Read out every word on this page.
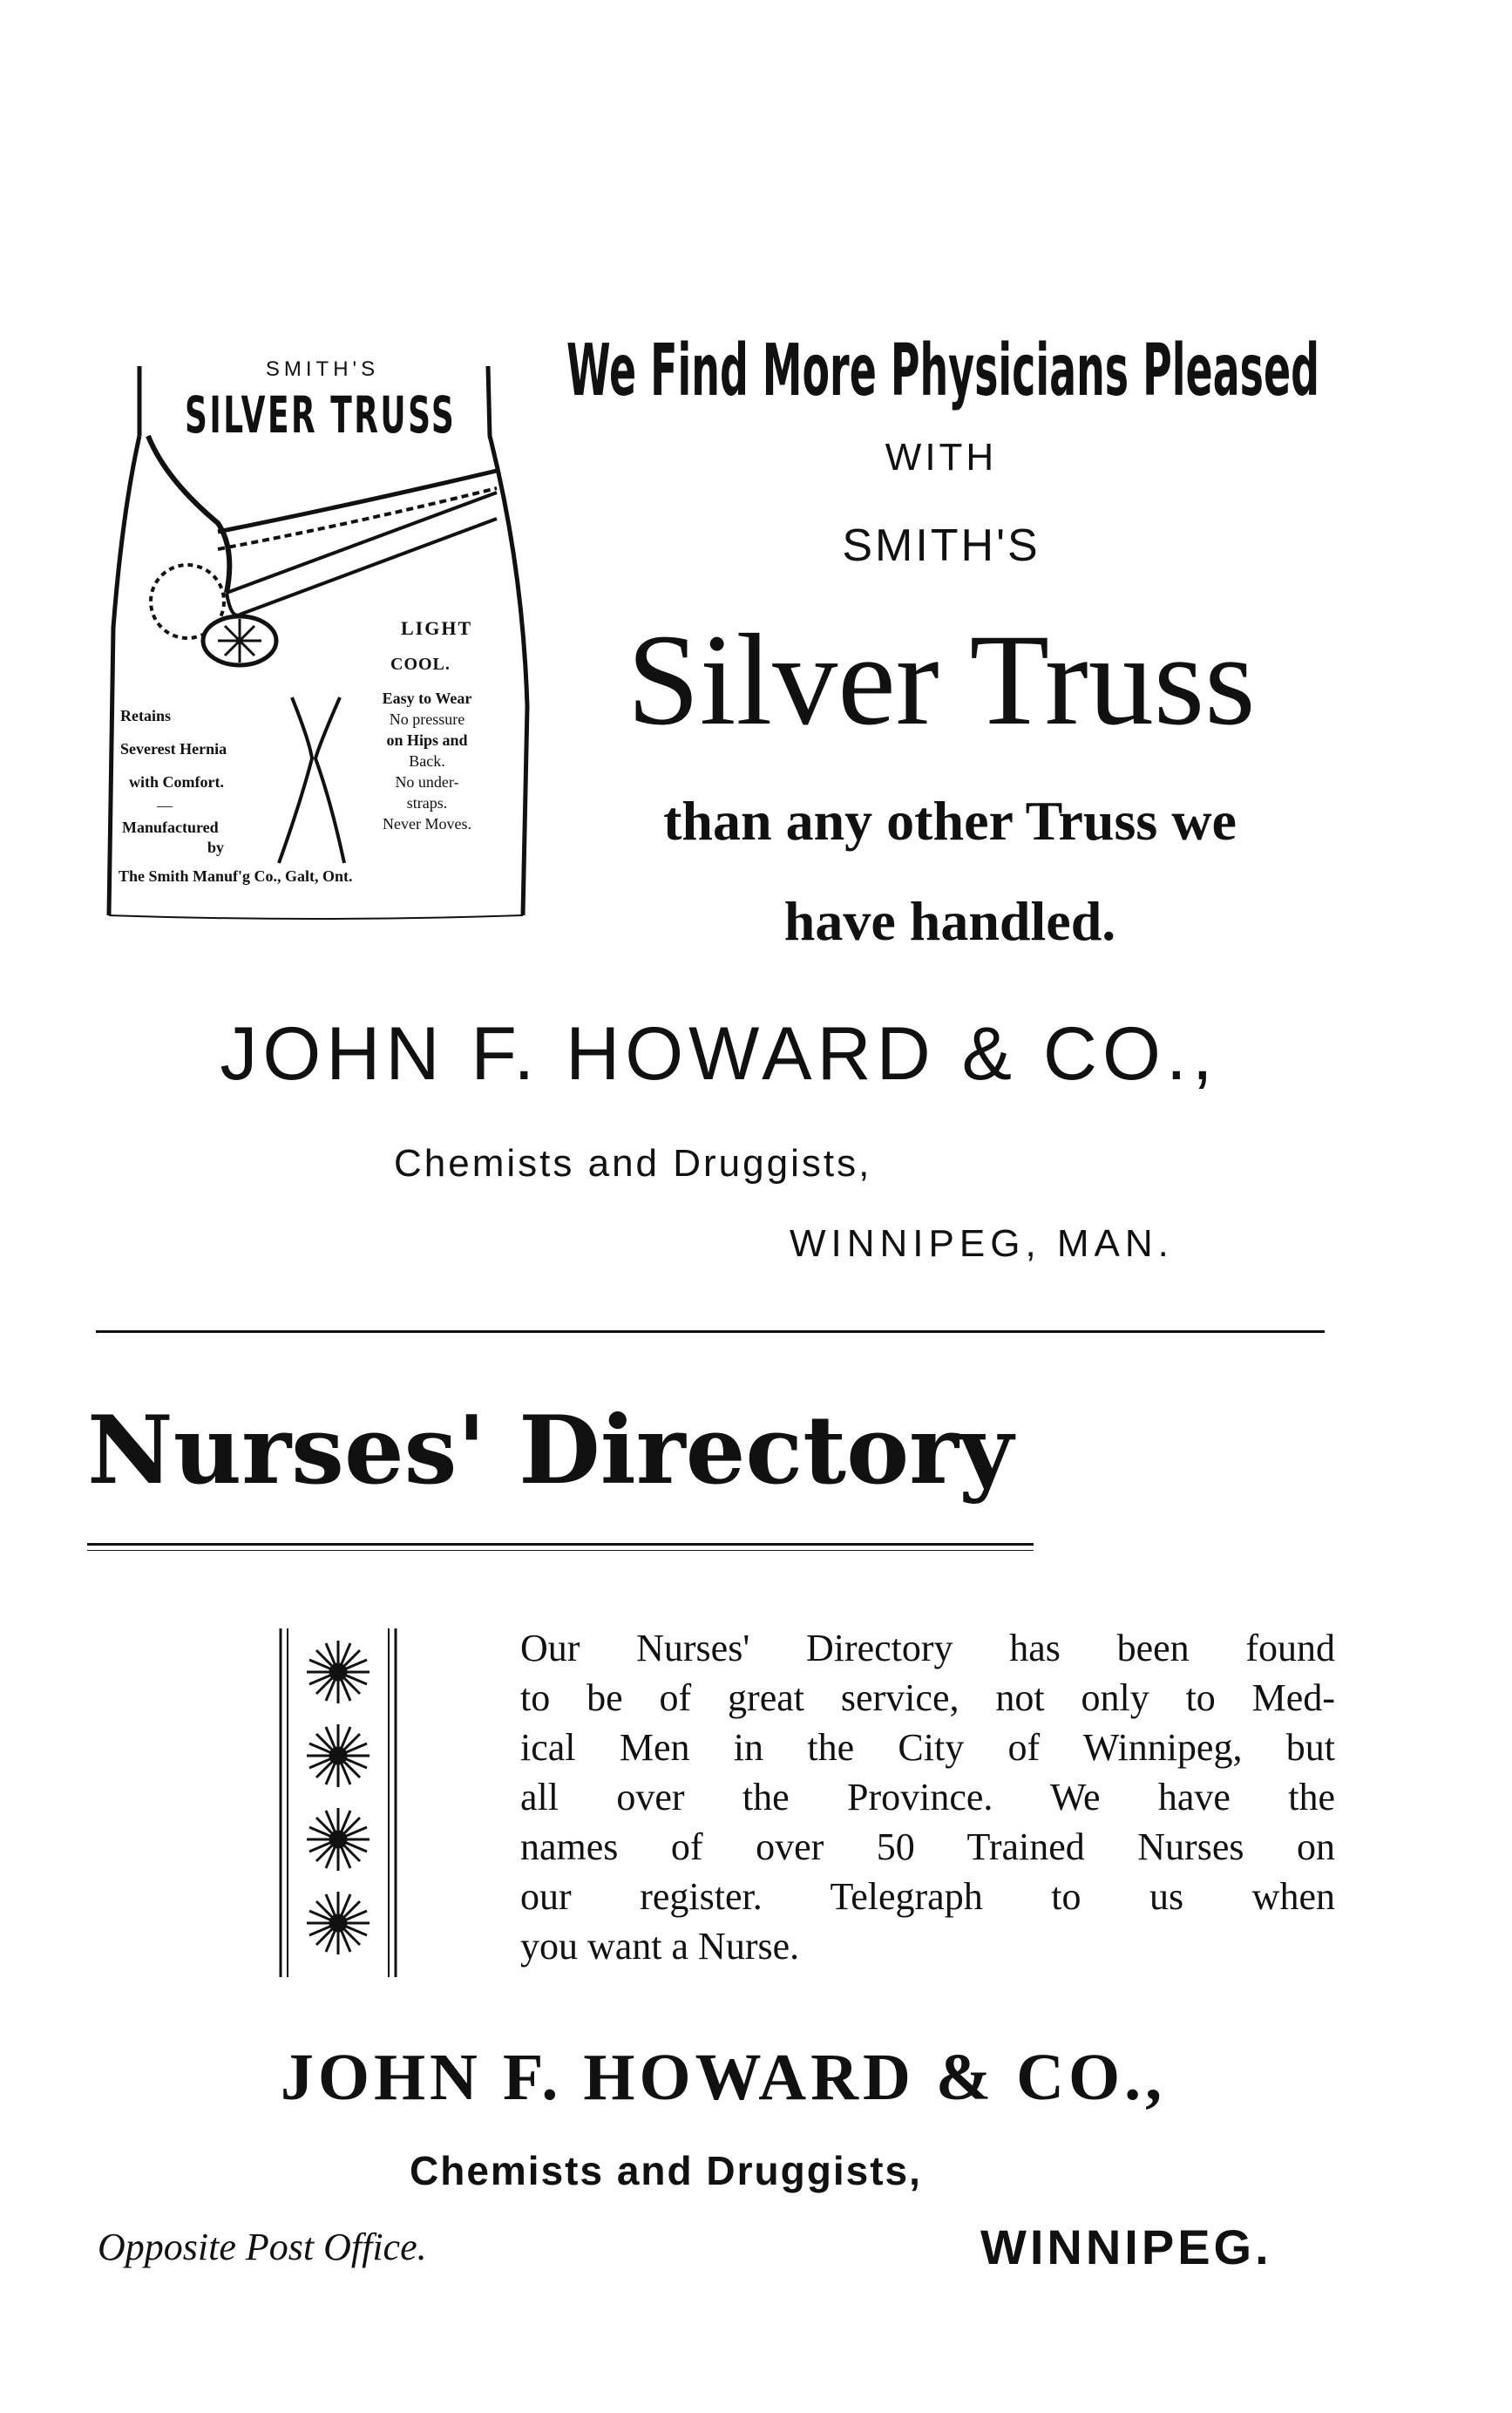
SMITH'S
SILVER TRUSS
LIGHT
COOL.
Easy to Wear
No pressure
on Hips and
Back.
No under-
straps.
Never Moves.
Retains
Severest Hernia
with Comfort.
—
Manufactured
by
The Smith Manuf'g Co., Galt, Ont.
We Find More Physicians Pleased
WITH
SMITH'S
Silver Truss
than any other Truss we
have handled.
JOHN F. HOWARD & CO.,
Chemists and Druggists,
WINNIPEG, MAN.
Nurses' Directory
Our Nurses' Directory has been found
to be of great service, not only to Med-
ical Men in the City of Winnipeg, but
all over the Province. We have the
names of over 50 Trained Nurses on
our register. Telegraph to us when
you want a Nurse.
JOHN F. HOWARD & CO.,
Chemists and Druggists,
Opposite Post Office.	WINNIPEG.
